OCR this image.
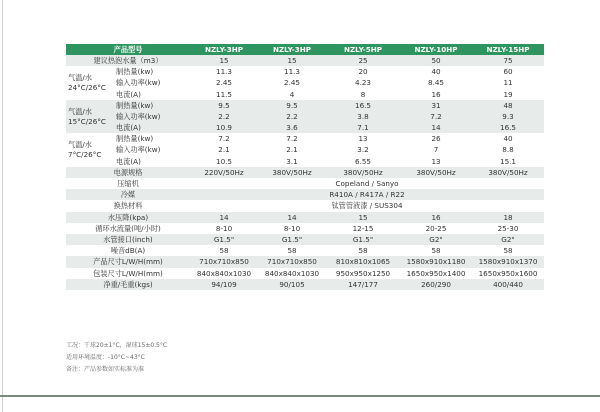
产品型号		NZLY-3HP	NZLY-3HP	NZLY-5HP	NZLY-10HP	NZLY-15HP
建议热泡水量（m3）		15	15	25	50	75
气温/水
24°C/26°C	制热量(kw)	11.3	11.3	20	40	60
	输入功率(kw)	2.45	2.45	4.23	8.45	11
	电流(A)	11.5	4	8	16	19
气温/水
15°C/26°C	制热量(kw)	9.5	9.5	16.5	31	48
	输入功率(kw)	2.2	2.2	3.8	7.2	9.3
	电流(A)	10.9	3.6	7.1	14	16.5
气温/水
7°C/26°C	制热量(kw)	7.2	7.2	13	26	40
	输入功率(kw)	2.1	2.1	3.2	7	8.8
	电流(A)	10.5	3.1	6.55	13	15.1
电源规格		220V/50Hz	380V/50Hz	380V/50Hz	380V/50Hz	380V/50Hz
压缩机		Copeland / Sanyo				
冷媒		R410A / R417A / R22				
换热材料		钛管管液漆 / SUS304				
水压降(kpa)		14	14	15	16	18
循环水流量(吨/小时)		8-10	8-10	12-15	20-25	25-30
水管接口(inch)		G1.5"	G1.5"	G1.5"	G2"	G2"
噪音dB(A)		58	58	58	58	58
产品尺寸L/W/H(mm)		710x710x850	710x710x850	810x810x1065	1580x910x1180	1580x910x1370
包装尺寸L/W/H(mm)		840x840x1030	840x840x1030	950x950x1250	1650x950x1400	1650x950x1600
净重/毛重(kgs)		94/109	90/105	147/177	260/290	400/440
工况：干球20±1°C，湿球15±0.5°C
适用环境温度：-10°C~43°C
备注：产品参数如实标准为准
